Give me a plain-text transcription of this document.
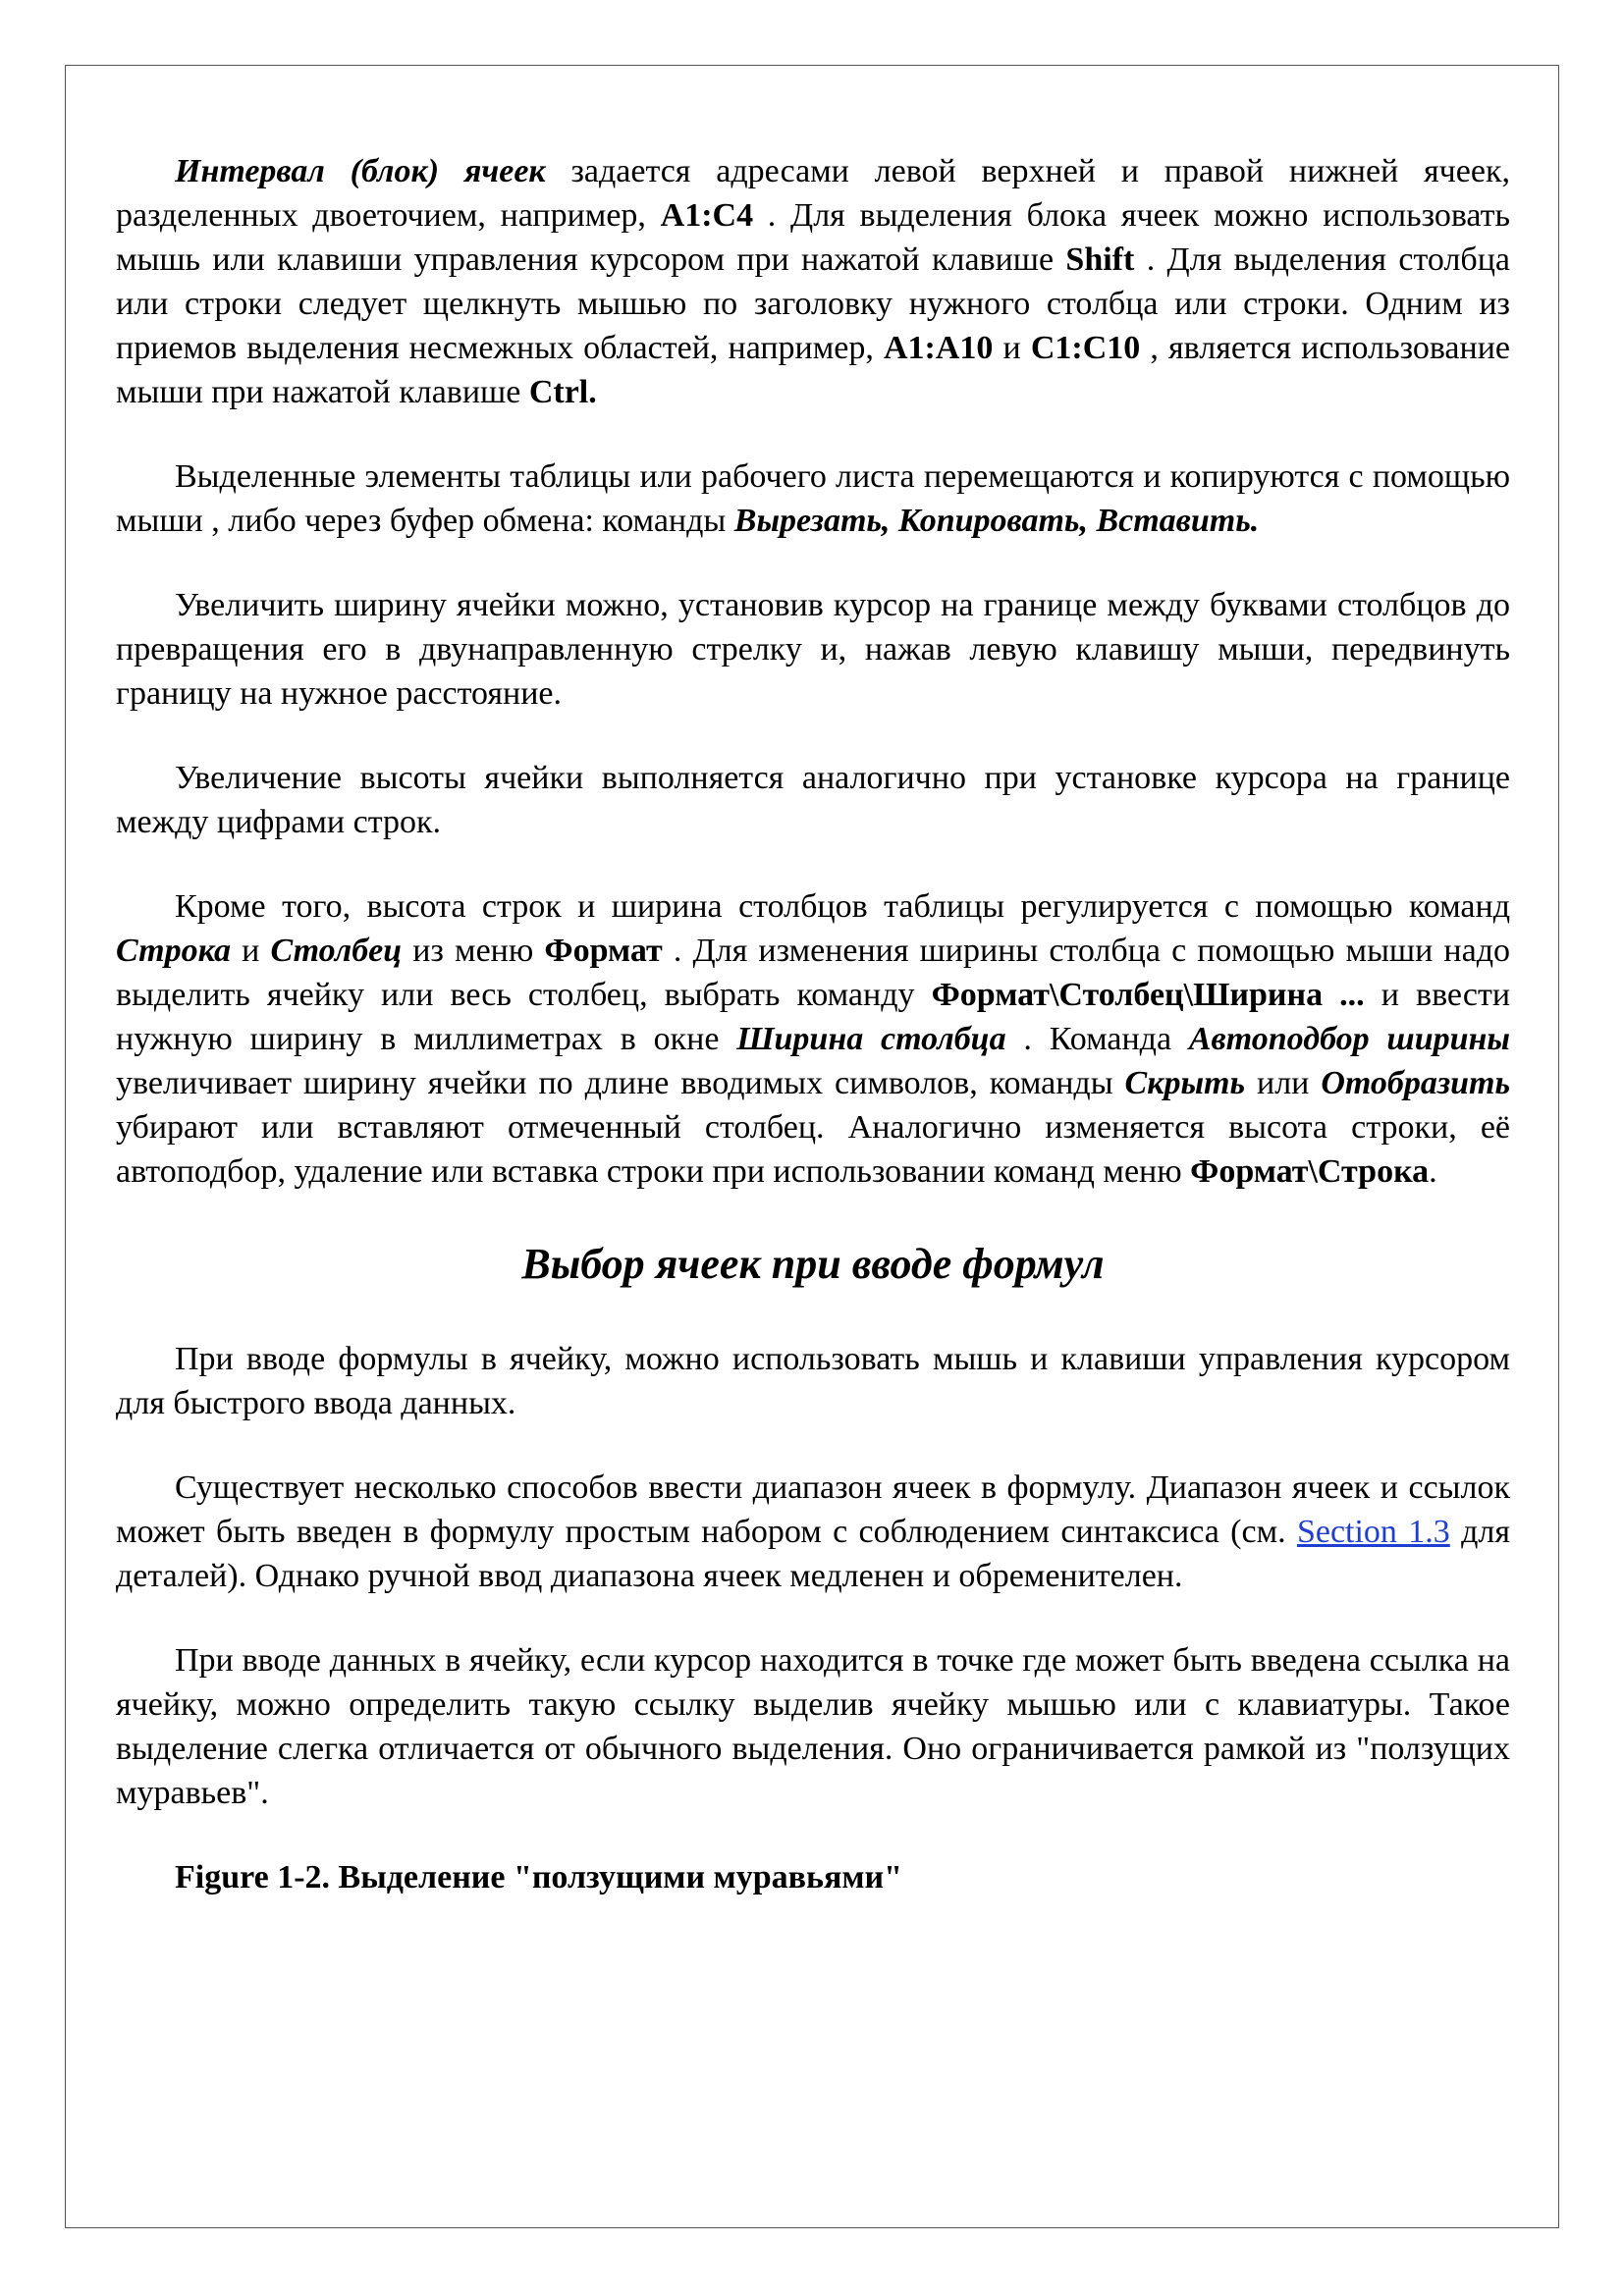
Интервал (блок) ячеек задается адресами левой верхней и правой нижней ячеек, разделенных двоеточием, например, A1:C4 . Для выделения блока ячеек можно использовать мышь или клавиши управления курсором при нажатой клавише Shift . Для выделения столбца или строки следует щелкнуть мышью по заголовку нужного столбца или строки. Одним из приемов выделения несмежных областей, например, A1:A10 и C1:C10 , является использование мыши при нажатой клавише Ctrl.

Выделенные элементы таблицы или рабочего листа перемещаются и копируются с помощью мыши , либо через буфер обмена: команды Вырезать, Копировать, Вставить.

Увеличить ширину ячейки можно, установив курсор на границе между буквами столбцов до превращения его в двунаправленную стрелку и, нажав левую клавишу мыши, передвинуть границу на нужное расстояние.

Увеличение высоты ячейки выполняется аналогично при установке курсора на границе между цифрами строк.

Кроме того, высота строк и ширина столбцов таблицы регулируется с помощью команд Строка и Столбец из меню Формат . Для изменения ширины столбца с помощью мыши надо выделить ячейку или весь столбец, выбрать команду Формат\Столбец\Ширина ... и ввести нужную ширину в миллиметрах в окне Ширина столбца . Команда Автоподбор ширины увеличивает ширину ячейки по длине вводимых символов, команды Скрыть или Отобразить убирают или вставляют отмеченный столбец. Аналогично изменяется высота строки, её автоподбор, удаление или вставка строки при использовании команд меню Формат\Строка.

Выбор ячеек при вводе формул

При вводе формулы в ячейку, можно использовать мышь и клавиши управления курсором для быстрого ввода данных.

Существует несколько способов ввести диапазон ячеек в формулу. Диапазон ячеек и ссылок может быть введен в формулу простым набором с соблюдением синтаксиса (см. Section 1.3 для деталей). Однако ручной ввод диапазона ячеек медленен и обременителен.

При вводе данных в ячейку, если курсор находится в точке где может быть введена ссылка на ячейку, можно определить такую ссылку выделив ячейку мышью или с клавиатуры. Такое выделение слегка отличается от обычного выделения. Оно ограничивается рамкой из "ползущих муравьев".

Figure 1-2. Выделение "ползущими муравьями"
